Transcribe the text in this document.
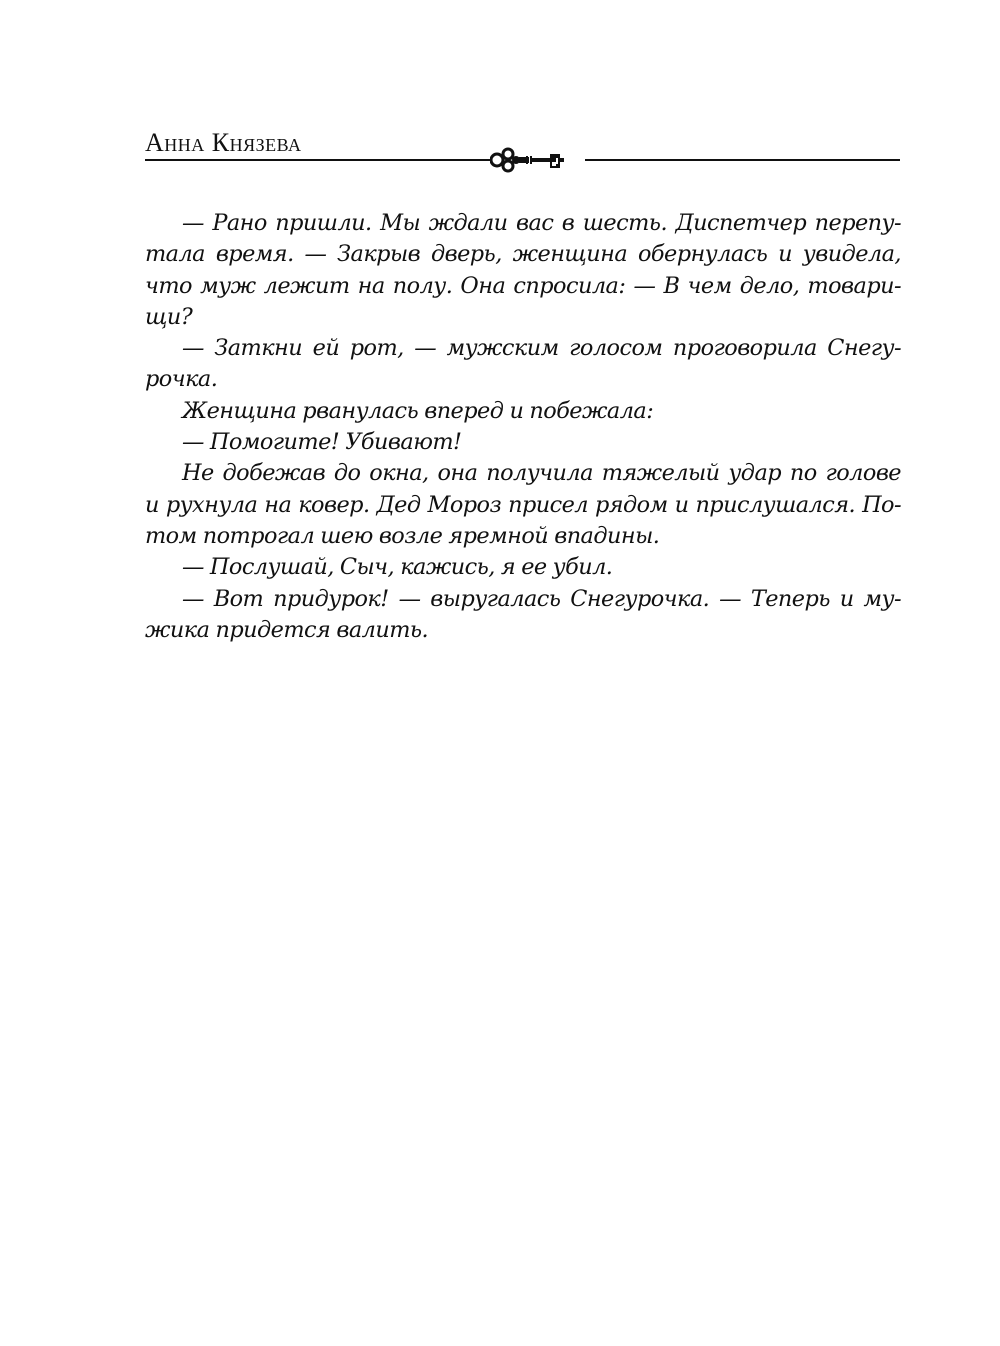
Анна Князева

— Рано пришли. Мы ждали вас в шесть. Диспетчер перепу-
тала время. — Закрыв дверь, женщина обернулась и увидела,
что муж лежит на полу. Она спросила: — В чем дело, товари-
щи?

— Заткни ей рот, — мужским голосом проговорила Снегу-
рочка.

Женщина рванулась вперед и побежала:

— Помогите! Убивают!

Не добежав до окна, она получила тяжелый удар по голове
и рухнула на ковер. Дед Мороз присел рядом и прислушался. По-
том потрогал шею возле яремной впадины.

— Послушай, Сыч, кажись, я ее убил.

— Вот придурок! — выругалась Снегурочка. — Теперь и му-
жика придется валить.
